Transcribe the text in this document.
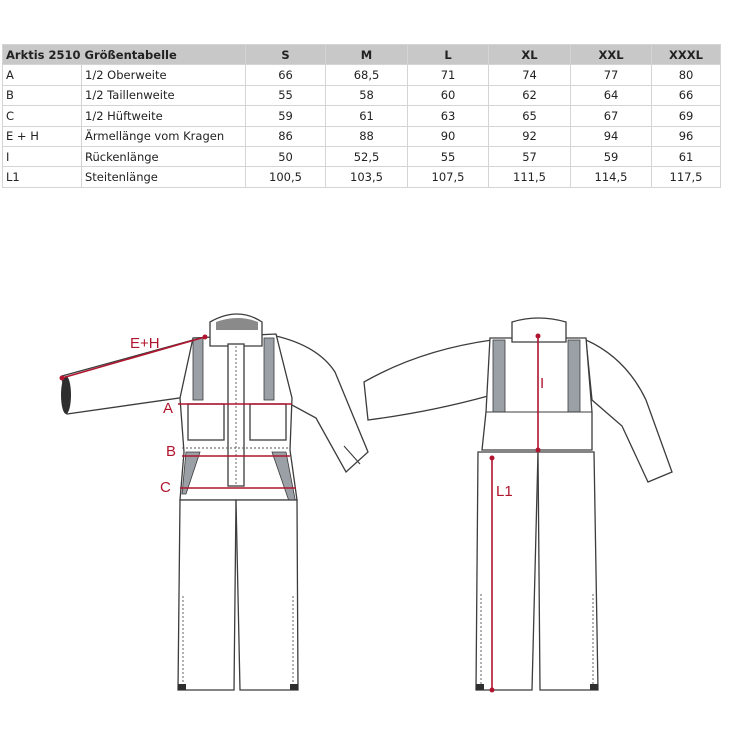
Arktis 2510 Größentabelle		S	M	L	XL	XXL	XXXL
A	1/2 Oberweite	66	68,5	71	74	77	80
B	1/2 Taillenweite	55	58	60	62	64	66
C	1/2 Hüftweite	59	61	63	65	67	69
E + H	Ärmellänge vom Kragen	86	88	90	92	94	96
I	Rückenlänge	50	52,5	55	57	59	61
L1	Steitenlänge	100,5	103,5	107,5	111,5	114,5	117,5
E+H
A
B
C
I
L1
